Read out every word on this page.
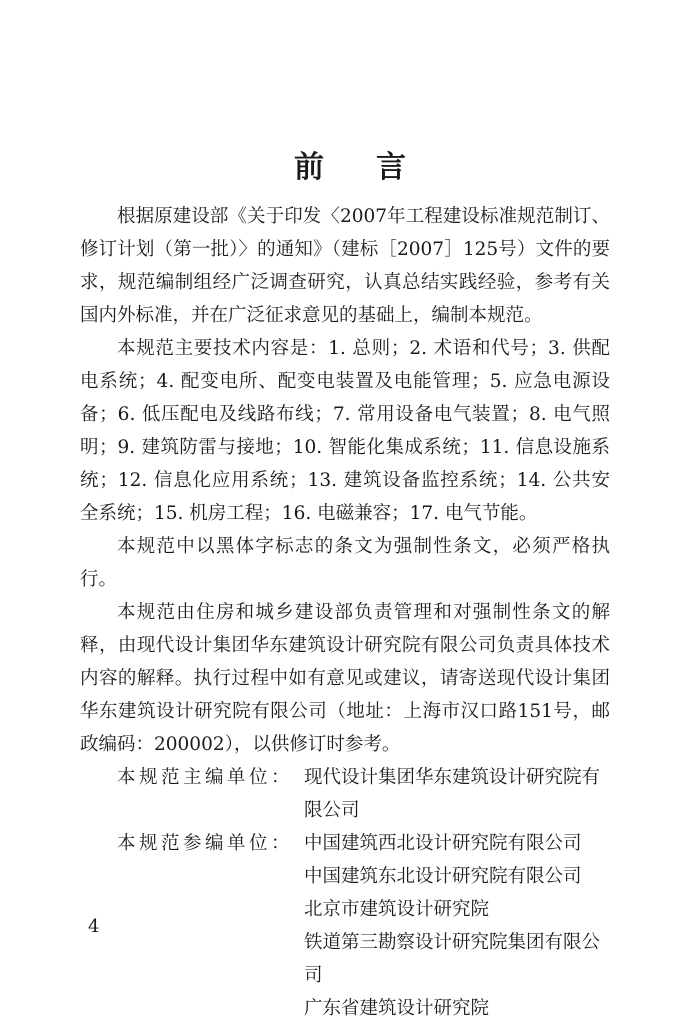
前言

根据原建设部《关于印发〈2007年工程建设标准规范制订、修订计划（第一批）〉的通知》（建标［2007］125号）文件的要求，规范编制组经广泛调查研究，认真总结实践经验，参考有关国内外标准，并在广泛征求意见的基础上，编制本规范。

本规范主要技术内容是：1. 总则；2. 术语和代号；3. 供配电系统；4. 配变电所、配变电装置及电能管理；5. 应急电源设备；6. 低压配电及线路布线；7. 常用设备电气装置；8. 电气照明；9. 建筑防雷与接地；10. 智能化集成系统；11. 信息设施系统；12. 信息化应用系统；13. 建筑设备监控系统；14. 公共安全系统；15. 机房工程；16. 电磁兼容；17. 电气节能。

本规范中以黑体字标志的条文为强制性条文，必须严格执行。

本规范由住房和城乡建设部负责管理和对强制性条文的解释，由现代设计集团华东建筑设计研究院有限公司负责具体技术内容的解释。执行过程中如有意见或建议，请寄送现代设计集团华东建筑设计研究院有限公司（地址：上海市汉口路151号，邮政编码：200002），以供修订时参考。

本规范主编单位： 现代设计集团华东建筑设计研究院有限公司
本规范参编单位： 中国建筑西北设计研究院有限公司
中国建筑东北设计研究院有限公司
北京市建筑设计研究院
铁道第三勘察设计研究院集团有限公司
广东省建筑设计研究院
4
